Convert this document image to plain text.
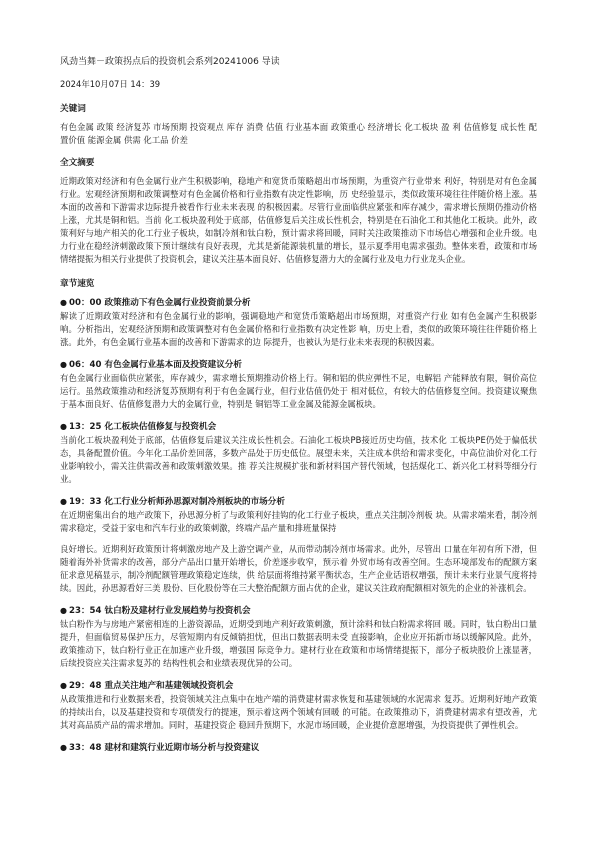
风劲当舞－政策拐点后的投资机会系列20241006 导读
2024年10月07日 14：39
关键词

有色金属 政策 经济复苏 市场预期 投资观点 库存 消费 估值 行业基本面 政策重心 经济增长 化工板块 盈 利 估值修复 成长性 配置价值 能源金属 供需 化工品 价差

全文摘要

近期政策对经济和有色金属行业产生积极影响，稳地产和宽货币策略超出市场预期，为重资产行业带来 利好，特别是对有色金属行业。宏观经济预期和政策调整对有色金属价格和行业指数有决定性影响，历 史经验显示，类似政策环境往往伴随价格上涨。基本面的改善和下游需求边际提升被看作行业未来表现 的积极因素。尽管行业面临供应紧张和库存减少，需求增长预期仍推动价格上涨，尤其是铜和铝。当前 化工板块盈利处于底部，估值修复后关注成长性机会，特别是在石油化工和其他化工板块。此外，政策利好与地产相关的化工行业子板块，如制冷剂和钛白粉，预计需求将回暖，同时关注政策推动下市场信心增强和企业升级。电力行业在稳经济刺激政策下预计继续有良好表现，尤其是新能源装机量的增长，显示夏季用电需求强劲。整体来看，政策和市场情绪提振为相关行业提供了投资机会，建议关注基本面良好、估值修复潜力大的金属行业及电力行业龙头企业。

章节速览
● 00：00 政策推动下有色金属行业投资前景分析

解读了近期政策对经济和有色金属行业的影响，强调稳地产和宽货币策略超出市场预期，对重资产行业 如有色金属产生积极影响。分析指出，宏观经济预期和政策调整对有色金属价格和行业指数有决定性影 响，历史上看，类似的政策环境往往伴随价格上涨。此外，有色金属行业基本面的改善和下游需求的边 际提升，也被认为是行业未来表现的积极因素。

● 06：40 有色金属行业基本面及投资建议分析

有色金属行业面临供应紧张，库存减少，需求增长预期推动价格上行。铜和铝的供应弹性不足，电解铝 产能释放有限，铜价高位运行。虽然政策推动和经济复苏预期有利于有色金属行业，但行业估值仍处于 相对低位，有较大的估值修复空间。投资建议聚焦于基本面良好、估值修复潜力大的金属行业，特别是 铜铝等工业金属及能源金属板块。

● 13：25 化工板块估值修复与投资机会

当前化工板块盈利处于底部，估值修复后建议关注成长性机会。石油化工板块PB接近历史均值，技术化 工板块PE仍处于偏低状态，具备配置价值。今年化工品价差回落，多数产品处于历史低位。展望未来，关注成本供给和需求变化，中高位油价对化工行业影响较小，需关注供需改善和政策刺激效果。推 荐关注规模扩张和新材料国产替代领域，包括煤化工、新兴化工材料等细分行业。

● 19：33 化工行业分析师孙思源对制冷剂板块的市场分析

在近期密集出台的地产政策下，孙思源分析了与政策利好挂钩的化工行业子板块，重点关注制冷剂板 块。从需求端来看，制冷剂需求稳定，受益于家电和汽车行业的政策刺激，终端产品产量和排班量保持

良好增长。近期利好政策预计将刺激房地产及上游空调产业，从而带动制冷剂市场需求。此外，尽管出 口量在年初有所下滑，但随着海外补货需求的改善，部分产品出口量开始增长，价差逐步收窄，预示着 外贸市场有改善空间。生态环境部发布的配额方案征求意见稿显示，制冷剂配额管理政策稳定连续，供 给层面将维持紧平衡状态，生产企业话语权增强，预计未来行业景气度将持续。因此，孙思源看好三美 股份、巨化股份等在三大整治配额方面占优的企业，建议关注政府配额相对领先的企业的补涨机会。

● 23：54 钛白粉及建材行业发展趋势与投资机会

钛白粉作为与房地产紧密相连的上游资源品，近期受到地产利好政策刺激，预计涂料和钛白粉需求将回 暖。同时，钛白粉出口量提升，但面临贸易保护压力，尽管短期内有反倾销担忧，但出口数据表明未受 直接影响，企业应开拓新市场以缓解风险。此外，政策推动下，钛白粉行业正在加速产业升级，增强国 际竞争力。建材行业在政策和市场情绪提振下，部分子板块股价上涨显著，后续投资应关注需求复苏的 结构性机会和业绩表现优异的公司。

● 29：48 重点关注地产和基建领域投资机会

从政策推进和行业数据来看，投资领域关注点集中在地产端的消费建材需求恢复和基建领域的水泥需求 复苏。近期利好地产政策的持续出台，以及基建投资和专项债发行的提速，预示着这两个领域有回暖 的可能。在政策推动下，消费建材需求有望改善，尤其对高品质产品的需求增加。同时，基建投资企 稳回升预期下，水泥市场回暖，企业提价意愿增强，为投资提供了弹性机会。

● 33：48 建材和建筑行业近期市场分析与投资建议
